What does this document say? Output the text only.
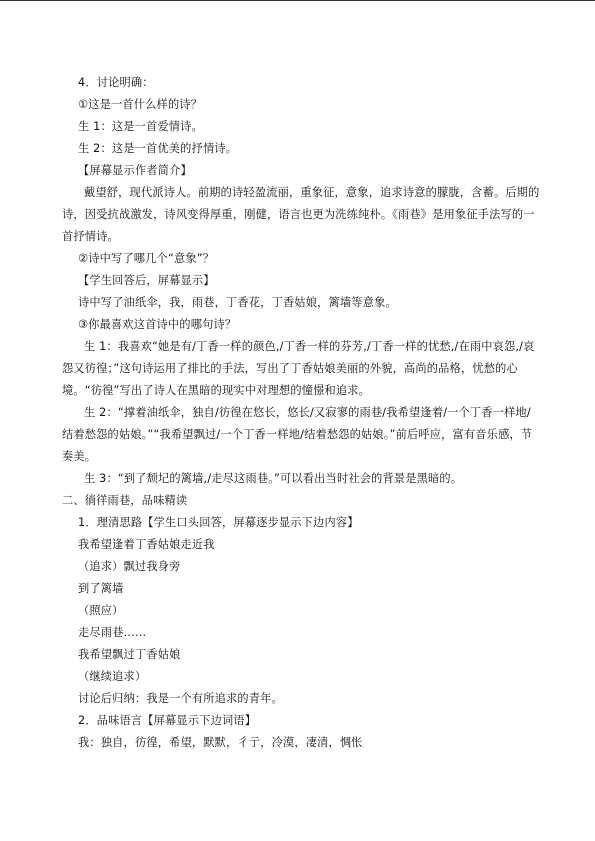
4．讨论明确：

①这是一首什么样的诗？

生 1：这是一首爱情诗。

生 2：这是一首优美的抒情诗。

【屏幕显示作者简介】

戴望舒，现代派诗人。前期的诗轻盈流丽，重象征，意象，追求诗意的朦胧，含蓄。后期的诗，因受抗战激发，诗风变得厚重，刚健，语言也更为洗练纯朴。《雨巷》是用象征手法写的一首抒情诗。

②诗中写了哪几个“意象”？

【学生回答后，屏幕显示】

诗中写了油纸伞，我，雨巷，丁香花，丁香姑娘，篱墙等意象。

③你最喜欢这首诗中的哪句诗？

生 1：我喜欢“她是有/丁香一样的颜色,/丁香一样的芬芳,/丁香一样的忧愁,/在雨中哀怨,/哀怨又彷徨；”这句诗运用了排比的手法，写出了丁香姑娘美丽的外貌，高尚的品格，忧愁的心境。“彷徨”写出了诗人在黑暗的现实中对理想的憧憬和追求。

生 2：“撑着油纸伞，独自/彷徨在悠长，悠长/又寂寥的雨巷/我希望逢着/一个丁香一样地/结着愁怨的姑娘。”“我希望飘过/一个丁香一样地/结着愁怨的姑娘。”前后呼应，富有音乐感，节奏美。

生 3：“到了颓圮的篱墙,/走尽这雨巷。”可以看出当时社会的背景是黑暗的。

二、徜徉雨巷，品味精读

1．理清思路【学生口头回答，屏幕逐步显示下边内容】

我希望逢着丁香姑娘走近我

（追求）飘过我身旁

到了篱墙

（照应）

走尽雨巷……

我希望飘过丁香姑娘

（继续追求）

讨论后归纳：我是一个有所追求的青年。

2．品味语言【屏幕显示下边词语】

我：独自，彷徨，希望，默默，彳亍，冷漠，凄清，惆怅
